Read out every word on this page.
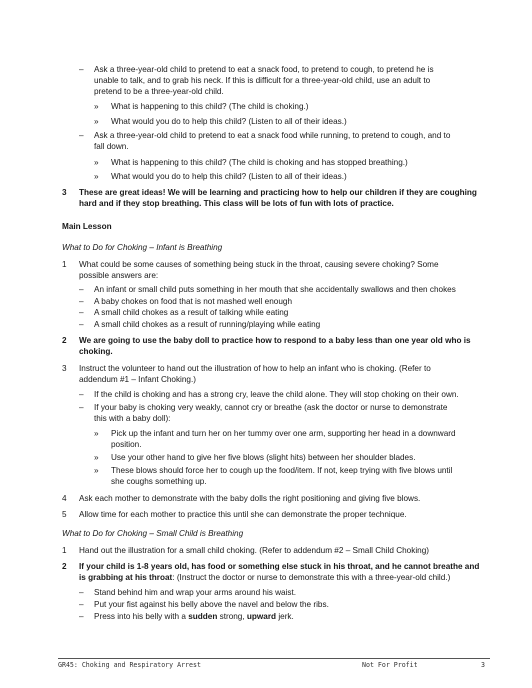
– Ask a three-year-old child to pretend to eat a snack food, to pretend to cough, to pretend he is
unable to talk, and to grab his neck. If this is difficult for a three-year-old child, use an adult to
pretend to be a three-year-old child.
» What is happening to this child? (The child is choking.)
» What would you do to help this child? (Listen to all of their ideas.)
– Ask a three-year-old child to pretend to eat a snack food while running, to pretend to cough, and to
fall down.
» What is happening to this child? (The child is choking and has stopped breathing.)
» What would you do to help this child? (Listen to all of their ideas.)
3 These are great ideas! We will be learning and practicing how to help our children if they are coughing
hard and if they stop breathing. This class will be lots of fun with lots of practice.
Main Lesson
What to Do for Choking – Infant is Breathing
1 What could be some causes of something being stuck in the throat, causing severe choking? Some
possible answers are:
– An infant or small child puts something in her mouth that she accidentally swallows and then chokes
– A baby chokes on food that is not mashed well enough
– A small child chokes as a result of talking while eating
– A small child chokes as a result of running/playing while eating
2 We are going to use the baby doll to practice how to respond to a baby less than one year old who is
choking.
3 Instruct the volunteer to hand out the illustration of how to help an infant who is choking. (Refer to
addendum #1 – Infant Choking.)
– If the child is choking and has a strong cry, leave the child alone. They will stop choking on their own.
– If your baby is choking very weakly, cannot cry or breathe (ask the doctor or nurse to demonstrate
this with a baby doll):
» Pick up the infant and turn her on her tummy over one arm, supporting her head in a downward
position.
» Use your other hand to give her five blows (slight hits) between her shoulder blades.
» These blows should force her to cough up the food/item. If not, keep trying with five blows until
she coughs something up.
4 Ask each mother to demonstrate with the baby dolls the right positioning and giving five blows.
5 Allow time for each mother to practice this until she can demonstrate the proper technique.
What to Do for Choking – Small Child is Breathing
1 Hand out the illustration for a small child choking. (Refer to addendum #2 – Small Child Choking)
2 If your child is 1-8 years old, has food or something else stuck in his throat, and he cannot breathe and
is grabbing at his throat: (Instruct the doctor or nurse to demonstrate this with a three-year-old child.)
– Stand behind him and wrap your arms around his waist.
– Put your fist against his belly above the navel and below the ribs.
– Press into his belly with a sudden strong, upward jerk.
GR45: Choking and Respiratory Arrest	Not For Profit	3
